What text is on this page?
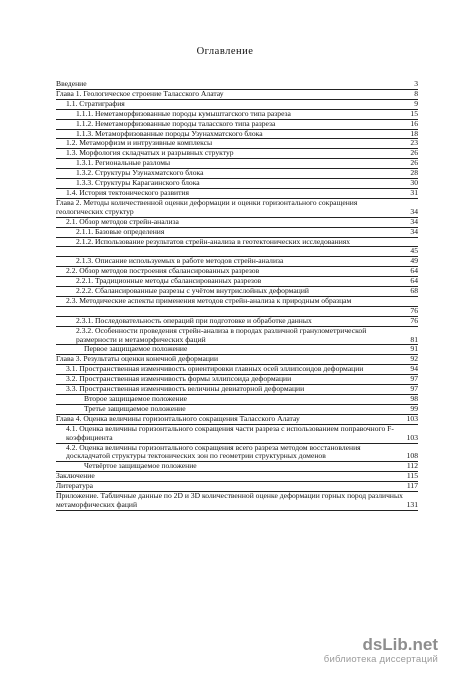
Оглавление
Введение	3
Глава 1. Геологическое строение Таласского Алатау	8
1.1. Стратиграфия	9
1.1.1. Неметаморфизованные породы кумыштагского типа разреза	15
1.1.2. Неметаморфизованные породы таласского типа разреза	16
1.1.3. Метаморфизованные породы Узунахматского блока	18
1.2. Метаморфизм и интрузивные комплексы	23
1.3. Морфология складчатых и разрывных структур	26
1.3.1. Региональные разломы	26
1.3.2. Структуры Узунахматского блока	28
1.3.3. Структуры Карагаинского блока	30
1.4. История тектонического развития	31
Глава 2. Методы количественной оценки деформации и оценки горизонтального сокращения геологических структур	34
2.1. Обзор методов стрейн-анализа	34
2.1.1. Базовые определения	34
2.1.2. Использование результатов стрейн-анализа в геотектонических исследованиях
45
2.1.3. Описание используемых в работе методов стрейн-анализа	49
2.2. Обзор методов построения сбалансированных разрезов	64
2.2.1. Традиционные методы сбалансированных разрезов	64
2.2.2. Сбалансированные разрезы с учётом внутрислойных деформаций	68
2.3. Методические аспекты применения методов стрейн-анализа к природным образцам
76
2.3.1. Последовательность операций при подготовке и обработке данных	76
2.3.2. Особенности проведения стрейн-анализа в породах различной гранулометрической размерности и метаморфических фаций	81
Первое защищаемое положение	91
Глава 3. Результаты оценки конечной деформации	92
3.1. Пространственная изменчивость ориентировки главных осей эллипсоидов деформации	94
3.2. Пространственная изменчивость формы эллипсоида деформации	97
3.3. Пространственная изменчивость величины девиаторной деформации	97
Второе защищаемое положение	98
Третье защищаемое положение	99
Глава 4. Оценка величины горизонтального сокращения Таласского Алатау	103
4.1. Оценка величины горизонтального сокращения части разреза с использованием поправочного F-коэффициента	103
4.2. Оценка величины горизонтального сокращения всего разреза методом восстановления доскладчатой структуры тектонических зон по геометрии структурных доменов	108
Четвёртое защищаемое положение	112
Заключение	115
Литература	117
Приложение. Табличные данные по 2D и 3D количественной оценке деформации горных пород различных метаморфических фаций	131
dsLib.net
библиотека диссертаций
